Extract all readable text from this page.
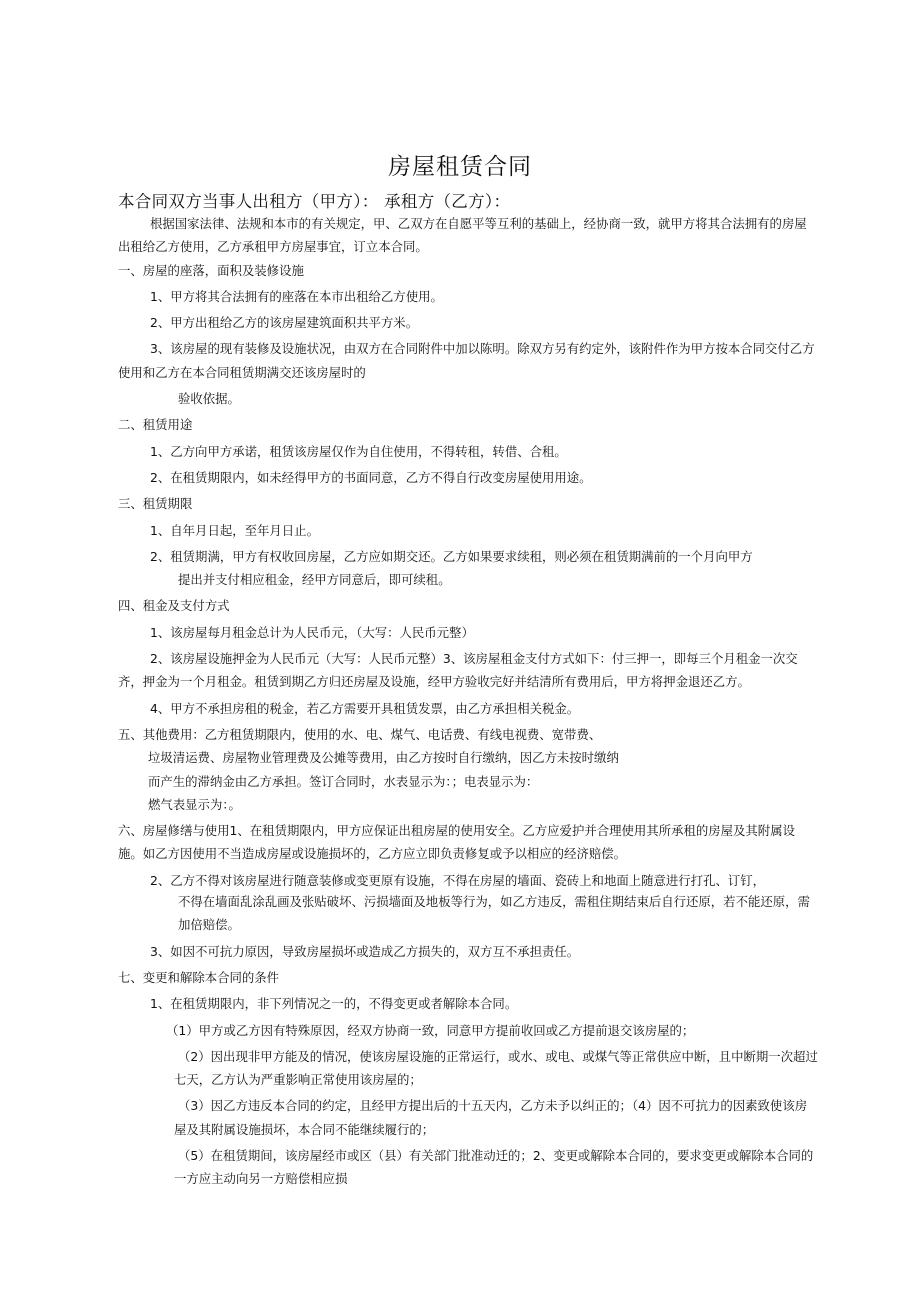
房屋租赁合同
本合同双方当事人出租方（甲方）： 承租方（乙方）：

根据国家法律、法规和本市的有关规定，甲、乙双方在自愿平等互利的基础上，经协商一致，就甲方将其合法拥有的房屋出租给乙方使用，乙方承租甲方房屋事宜，订立本合同。

一、房屋的座落，面积及装修设施

1、甲方将其合法拥有的座落在本市出租给乙方使用。

2、甲方出租给乙方的该房屋建筑面积共平方米。

3、该房屋的现有装修及设施状况，由双方在合同附件中加以陈明。除双方另有约定外，该附件作为甲方按本合同交付乙方使用和乙方在本合同租赁期满交还该房屋时的

验收依据。

二、租赁用途

1、乙方向甲方承诺，租赁该房屋仅作为自住使用，不得转租，转借、合租。

2、在租赁期限内，如未经得甲方的书面同意，乙方不得自行改变房屋使用用途。

三、租赁期限

1、自年月日起，至年月日止。

2、租赁期满，甲方有权收回房屋，乙方应如期交还。乙方如果要求续租，则必须在租赁期满前的一个月向甲方

提出并支付相应租金，经甲方同意后，即可续租。

四、租金及支付方式

1、该房屋每月租金总计为人民币元，（大写：人民币元整）

2、该房屋设施押金为人民币元（大写：人民币元整）3、该房屋租金支付方式如下：付三押一，即每三个月租金一次交齐，押金为一个月租金。租赁到期乙方归还房屋及设施，经甲方验收完好并结清所有费用后，甲方将押金退还乙方。

4、甲方不承担房租的税金，若乙方需要开具租赁发票，由乙方承担相关税金。

五、其他费用：乙方租赁期限内，使用的水、电、煤气、电话费、有线电视费、宽带费、

垃圾清运费、房屋物业管理费及公摊等费用，由乙方按时自行缴纳，因乙方未按时缴纳

而产生的滞纳金由乙方承担。签订合同时，水表显示为：；电表显示为：

燃气表显示为：。

六、房屋修缮与使用1、在租赁期限内，甲方应保证出租房屋的使用安全。乙方应爱护并合理使用其所承租的房屋及其附属设施。如乙方因使用不当造成房屋或设施损坏的，乙方应立即负责修复或予以相应的经济赔偿。

2、乙方不得对该房屋进行随意装修或变更原有设施，不得在房屋的墙面、瓷砖上和地面上随意进行打孔、订钉，

不得在墙面乱涂乱画及张贴破坏、污损墙面及地板等行为，如乙方违反，需租住期结束后自行还原，若不能还原，需加倍赔偿。

3、如因不可抗力原因，导致房屋损坏或造成乙方损失的，双方互不承担责任。

七、变更和解除本合同的条件

1、在租赁期限内，非下列情况之一的，不得变更或者解除本合同。

（1）甲方或乙方因有特殊原因，经双方协商一致，同意甲方提前收回或乙方提前退交该房屋的；

（2）因出现非甲方能及的情况，使该房屋设施的正常运行，或水、或电、或煤气等正常供应中断，且中断期一次超过七天，乙方认为严重影响正常使用该房屋的；

（3）因乙方违反本合同的约定，且经甲方提出后的十五天内，乙方未予以纠正的；（4）因不可抗力的因素致使该房屋及其附属设施损坏，本合同不能继续履行的；

（5）在租赁期间，该房屋经市或区（县）有关部门批准动迁的；2、变更或解除本合同的，要求变更或解除本合同的一方应主动向另一方赔偿相应损
